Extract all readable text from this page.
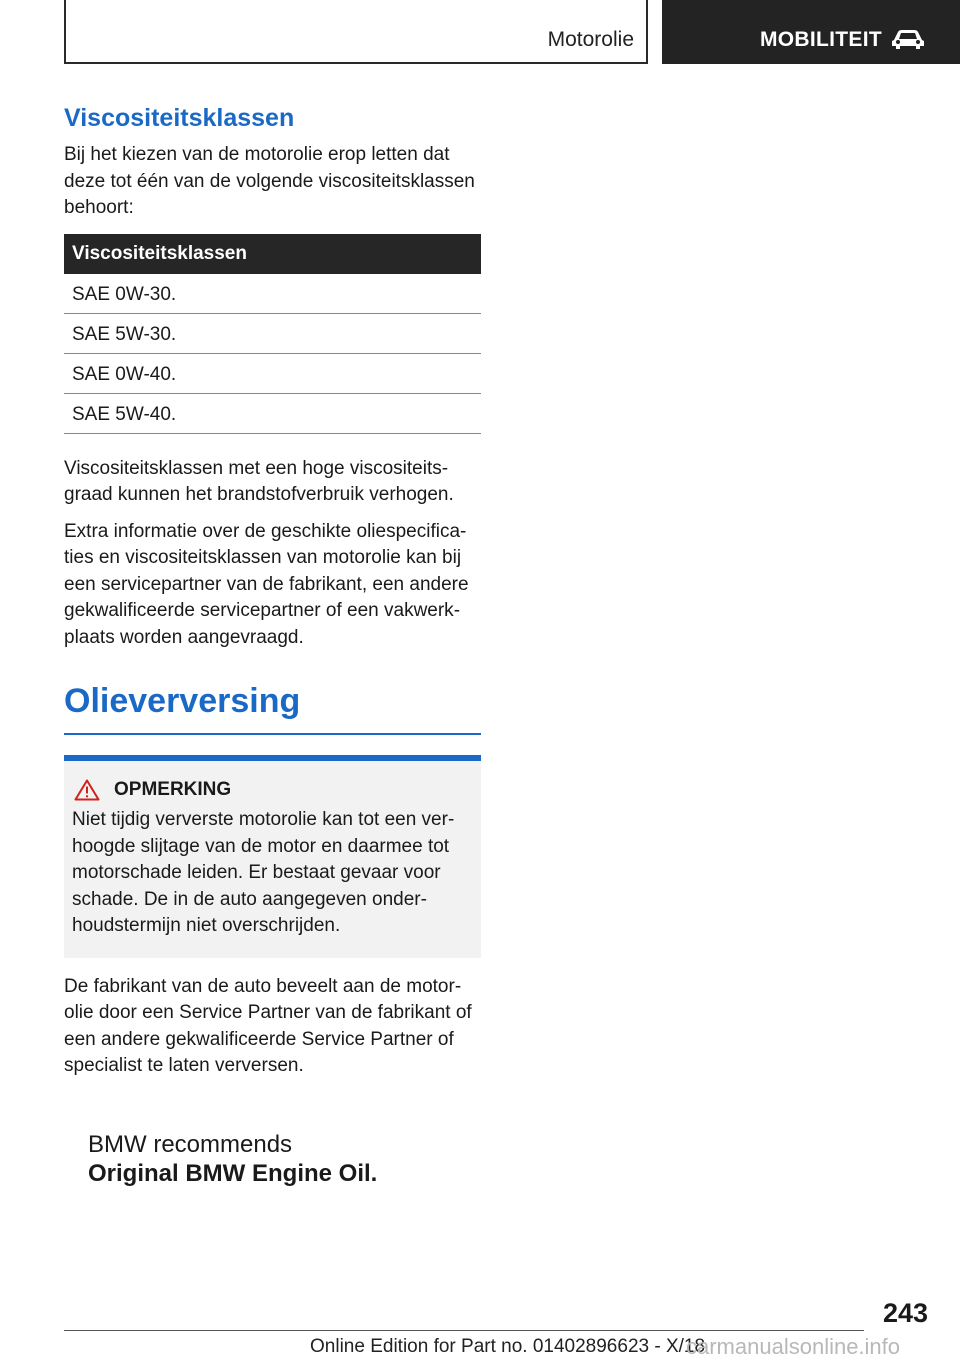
Motorolie	MOBILITEIT
Viscositeitsklassen

Bij het kiezen van de motorolie erop letten dat deze tot één van de volgende viscositeitsklassen behoort:

Viscositeitsklassen
SAE 0W-30.
SAE 5W-30.
SAE 0W-40.
SAE 5W-40.

Viscositeitsklassen met een hoge viscositeitsgraad kunnen het brandstofverbruik verhogen.

Extra informatie over de geschikte oliespecificaties en viscositeitsklassen van motorolie kan bij een servicepartner van de fabrikant, een andere gekwalificeerde servicepartner of een vakwerkplaats worden aangevraagd.

Olieverversing
OPMERKING

Niet tijdig ververste motorolie kan tot een verhoogde slijtage van de motor en daarmee tot motorschade leiden. Er bestaat gevaar voor schade. De in de auto aangegeven onderhoudstermijn niet overschrijden.

De fabrikant van de auto beveelt aan de motorolie door een Service Partner van de fabrikant of een andere gekwalificeerde Service Partner of specialist te laten verversen.

BMW recommends
Original BMW Engine Oil.
243
Online Edition for Part no. 01402896623 - X/18
carmanualsonline.info
